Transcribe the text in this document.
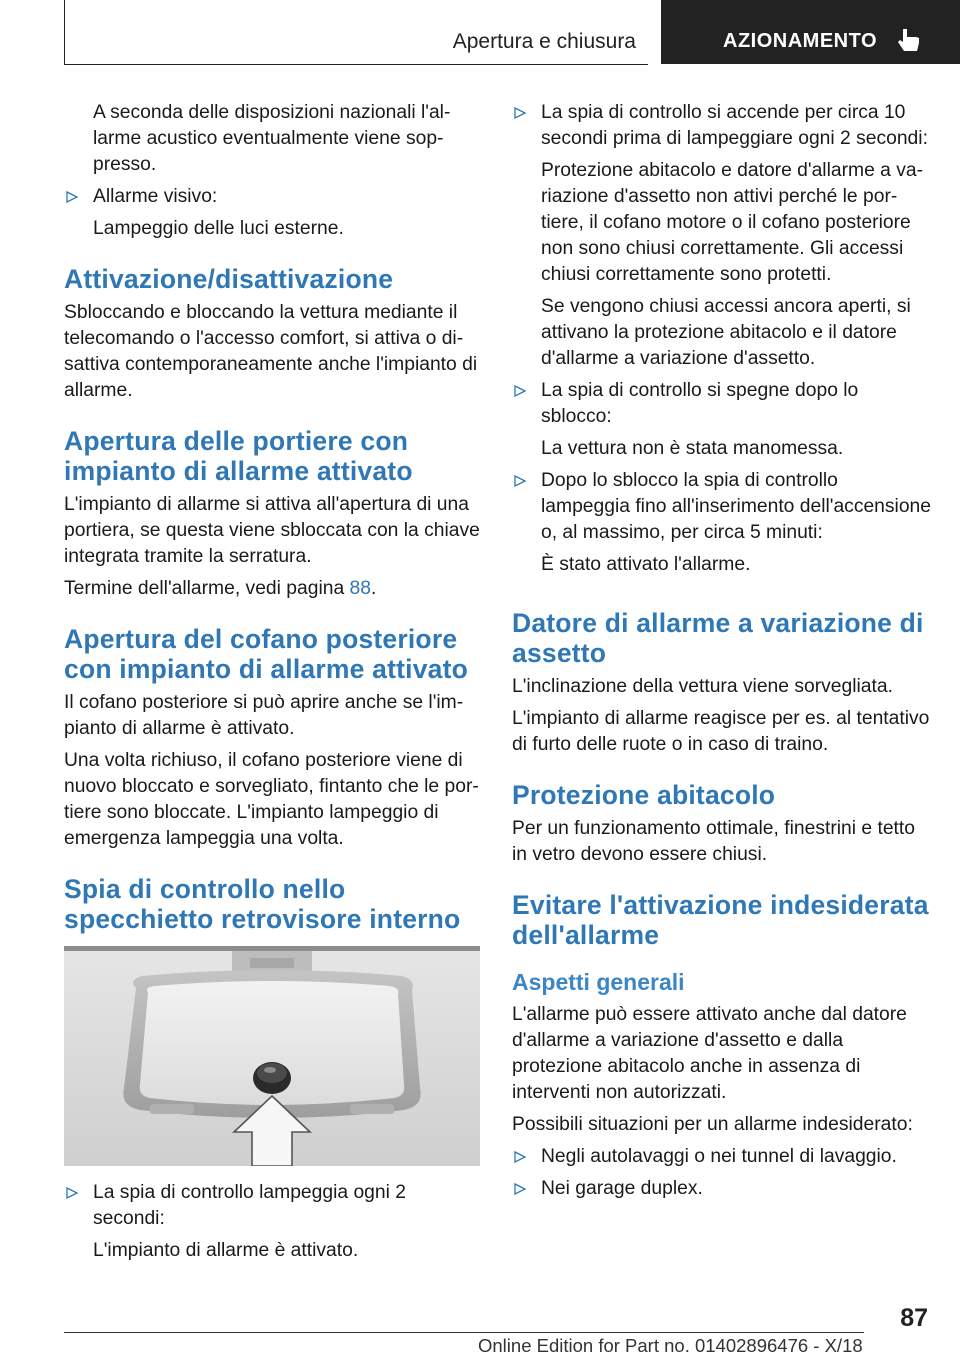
Apertura e chiusura	AZIONAMENTO

A seconda delle disposizioni nazionali l'allarme acustico eventualmente viene soppresso.

Allarme visivo:

Lampeggio delle luci esterne.

Attivazione/disattivazione

Sbloccando e bloccando la vettura mediante il telecomando o l'accesso comfort, si attiva o disattiva contemporaneamente anche l'impianto di allarme.

Apertura delle portiere con impianto di allarme attivato

L'impianto di allarme si attiva all'apertura di una portiera, se questa viene sbloccata con la chiave integrata tramite la serratura.

Termine dell'allarme, vedi pagina 88.

Apertura del cofano posteriore con impianto di allarme attivato

Il cofano posteriore si può aprire anche se l'impianto di allarme è attivato.

Una volta richiuso, il cofano posteriore viene di nuovo bloccato e sorvegliato, fintanto che le portiere sono bloccate. L'impianto lampeggio di emergenza lampeggia una volta.

Spia di controllo nello specchietto retrovisore interno
La spia di controllo lampeggia ogni 2 secondi:

L'impianto di allarme è attivato.

La spia di controllo si accende per circa 10 secondi prima di lampeggiare ogni 2 secondi:

Protezione abitacolo e datore d'allarme a variazione d'assetto non attivi perché le portiere, il cofano motore o il cofano posteriore non sono chiusi correttamente. Gli accessi chiusi correttamente sono protetti.

Se vengono chiusi accessi ancora aperti, si attivano la protezione abitacolo e il datore d'allarme a variazione d'assetto.

La spia di controllo si spegne dopo lo sblocco:

La vettura non è stata manomessa.

Dopo lo sblocco la spia di controllo lampeggia fino all'inserimento dell'accensione o, al massimo, per circa 5 minuti:

È stato attivato l'allarme.

Datore di allarme a variazione di assetto

L'inclinazione della vettura viene sorvegliata.

L'impianto di allarme reagisce per es. al tentativo di furto delle ruote o in caso di traino.

Protezione abitacolo

Per un funzionamento ottimale, finestrini e tetto in vetro devono essere chiusi.

Evitare l'attivazione indesiderata dell'allarme
Aspetti generali

L'allarme può essere attivato anche dal datore d'allarme a variazione d'assetto e dalla protezione abitacolo anche in assenza di interventi non autorizzati.

Possibili situazioni per un allarme indesiderato:

Negli autolavaggi o nei tunnel di lavaggio.
Nei garage duplex.
87
Online Edition for Part no. 01402896476 - X/18
